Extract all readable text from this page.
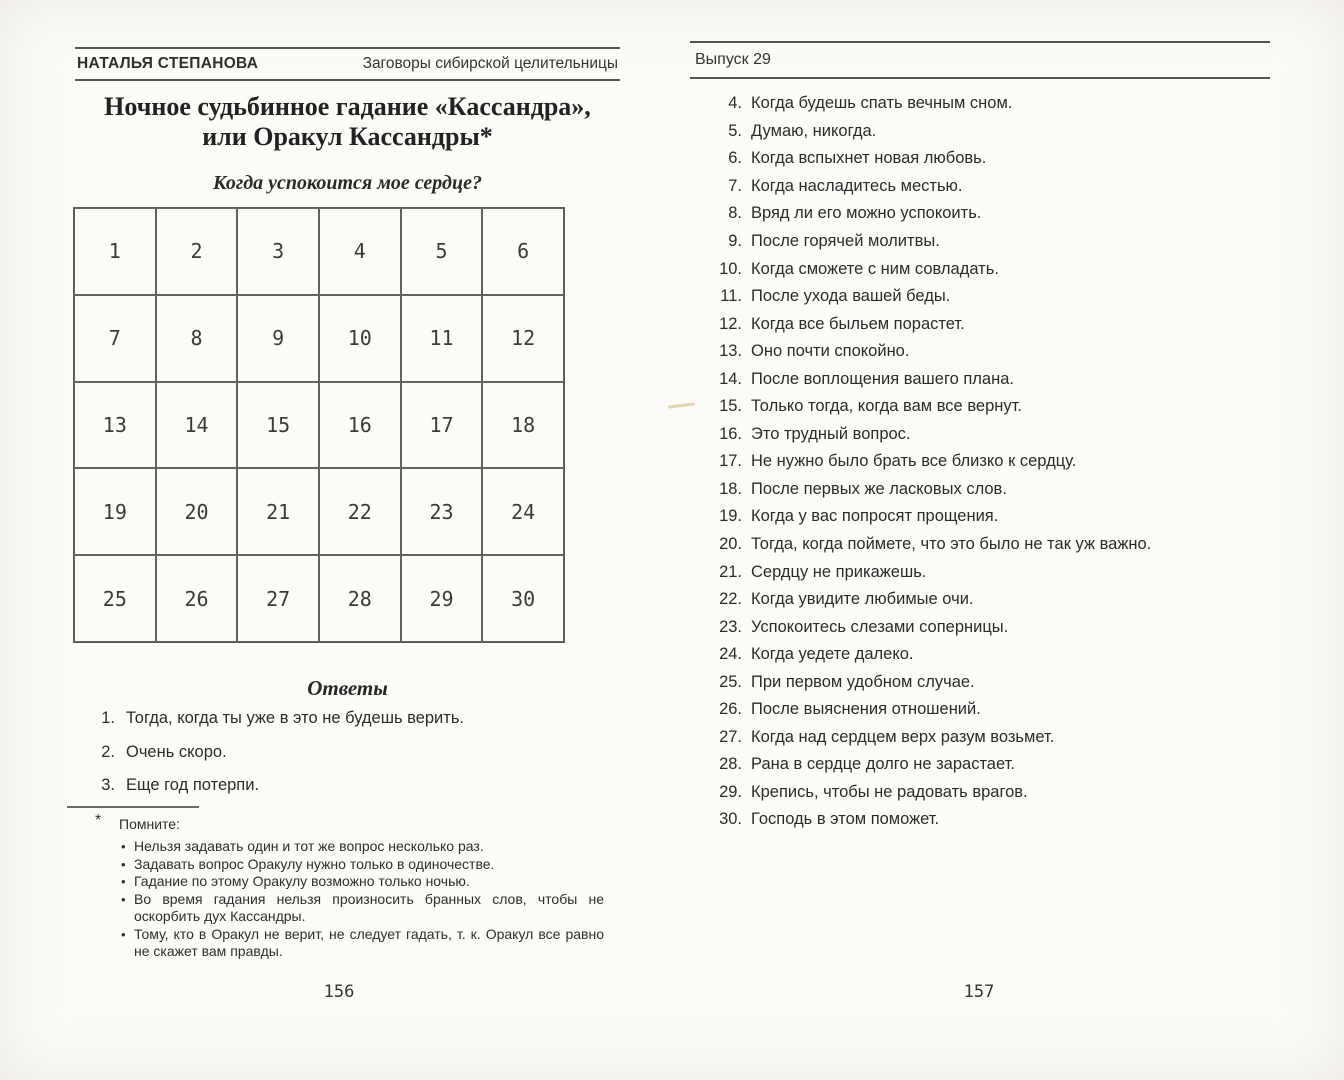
НАТАЛЬЯ СТЕПАНОВА	Заговоры сибирской целительницы
Ночное судьбинное гадание «Кассандра»,
или Оракул Кассандры*
Когда успокоится мое сердце?
1	2	3	4	5	6
7	8	9	10	11	12
13	14	15	16	17	18
19	20	21	22	23	24
25	26	27	28	29	30
Ответы
1. Тогда, когда ты уже в это не будешь верить.
2. Очень скоро.
3. Еще год потерпи.
* Помните:
• Нельзя задавать один и тот же вопрос несколько раз.
• Задавать вопрос Оракулу нужно только в одиночестве.
• Гадание по этому Оракулу возможно только ночью.
• Во время гадания нельзя произносить бранных слов, чтобы не оскорбить дух Кассандры.
• Тому, кто в Оракул не верит, не следует гадать, т. к. Оракул все равно не скажет вам правды.
Выпуск 29
4. Когда будешь спать вечным сном.
5. Думаю, никогда.
6. Когда вспыхнет новая любовь.
7. Когда насладитесь местью.
8. Вряд ли его можно успокоить.
9. После горячей молитвы.
10. Когда сможете с ним совладать.
11. После ухода вашей беды.
12. Когда все быльем порастет.
13. Оно почти спокойно.
14. После воплощения вашего плана.
15. Только тогда, когда вам все вернут.
16. Это трудный вопрос.
17. Не нужно было брать все близко к сердцу.
18. После первых же ласковых слов.
19. Когда у вас попросят прощения.
20. Тогда, когда поймете, что это было не так уж важно.
21. Сердцу не прикажешь.
22. Когда увидите любимые очи.
23. Успокоитесь слезами соперницы.
24. Когда уедете далеко.
25. При первом удобном случае.
26. После выяснения отношений.
27. Когда над сердцем верх разум возьмет.
28. Рана в сердце долго не зарастает.
29. Крепись, чтобы не радовать врагов.
30. Господь в этом поможет.
156	157
